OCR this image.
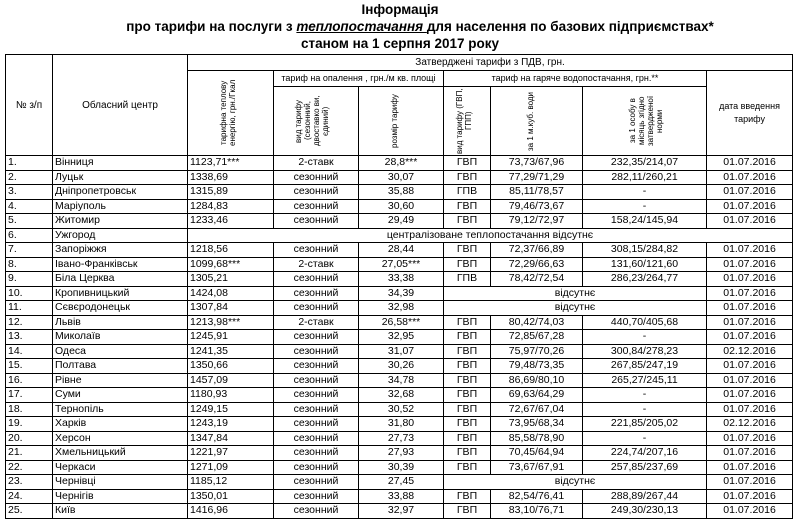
Інформація
про тарифи на послуги з теплопостачання для населення по базових підприємствах*
станом на 1 серпня 2017 року
№ з/п	Обласний центр	Затверджені тарифи з ПДВ, грн.						

		тарифна теплову енергію, грн./Гкал	тариф на опалення , грн./м кв. площі		тариф на гаряче водопостачання, грн.**			дата введення тарифу

			вид тарифу (сезонний, двоставко ви, єдиний)	розмір тарифу	вид тарифу (ГВП, ГПП)	за 1 м.куб. води	за 1 особу в місяць згідно затвердженої норми	

1.	Вінниця	1123,71***	2-ставк	28,8***	ГВП	73,73/67,96	232,35/214,07	01.07.2016
2.	Луцьк	1338,69	сезонний	30,07	ГВП	77,29/71,29	282,11/260,21	01.07.2016
3.	Дніпропетровськ	1315,89	сезонний	35,88	ГПВ	85,11/78,57	-	01.07.2016
4.	Маріуполь	1284,83	сезонний	30,60	ГВП	79,46/73,67	-	01.07.2016
5.	Житомир	1233,46	сезонний	29,49	ГВП	79,12/72,97	158,24/145,94	01.07.2016
6.	Ужгород	централізоване теплопостачання відсутнє						
7.	Запоріжжя	1218,56	сезонний	28,44	ГВП	72,37/66,89	308,15/284,82	01.07.2016
8.	Івано-Франківськ	1099,68***	2-ставк	27,05***	ГВП	72,29/66,63	131,60/121,60	01.07.2016
9.	Біла Церква	1305,21	сезонний	33,38	ГПВ	78,42/72,54	286,23/264,77	01.07.2016
10.	Кропивницький	1424,08	сезонний	34,39	відсутнє			01.07.2016
11.	Сєвєродонецьк	1307,84	сезонний	32,98	відсутнє			01.07.2016
12.	Львів	1213,98***	2-ставк	26,58***	ГВП	80,42/74,03	440,70/405,68	01.07.2016
13.	Миколаїв	1245,91	сезонний	32,95	ГВП	72,85/67,28	-	01.07.2016
14.	Одеса	1241,35	сезонний	31,07	ГВП	75,97/70,26	300,84/278,23	02.12.2016
15.	Полтава	1350,66	сезонний	30,26	ГВП	79,48/73,35	267,85/247,19	01.07.2016
16.	Рівне	1457,09	сезонний	34,78	ГВП	86,69/80,10	265,27/245,11	01.07.2016
17.	Суми	1180,93	сезонний	32,68	ГВП	69,63/64,29	-	01.07.2016
18.	Тернопіль	1249,15	сезонний	30,52	ГВП	72,67/67,04	-	01.07.2016
19.	Харків	1243,19	сезонний	31,80	ГВП	73,95/68,34	221,85/205,02	02.12.2016
20.	Херсон	1347,84	сезонний	27,73	ГВП	85,58/78,90	-	01.07.2016
21.	Хмельницький	1221,97	сезонний	27,93	ГВП	70,45/64,94	224,74/207,16	01.07.2016
22.	Черкаси	1271,09	сезонний	30,39	ГВП	73,67/67,91	257,85/237,69	01.07.2016
23.	Чернівці	1185,12	сезонний	27,45	відсутнє			01.07.2016
24.	Чернігів	1350,01	сезонний	33,88	ГВП	82,54/76,41	288,89/267,44	01.07.2016
25.	Київ	1416,96	сезонний	32,97	ГВП	83,10/76,71	249,30/230,13	01.07.2016
